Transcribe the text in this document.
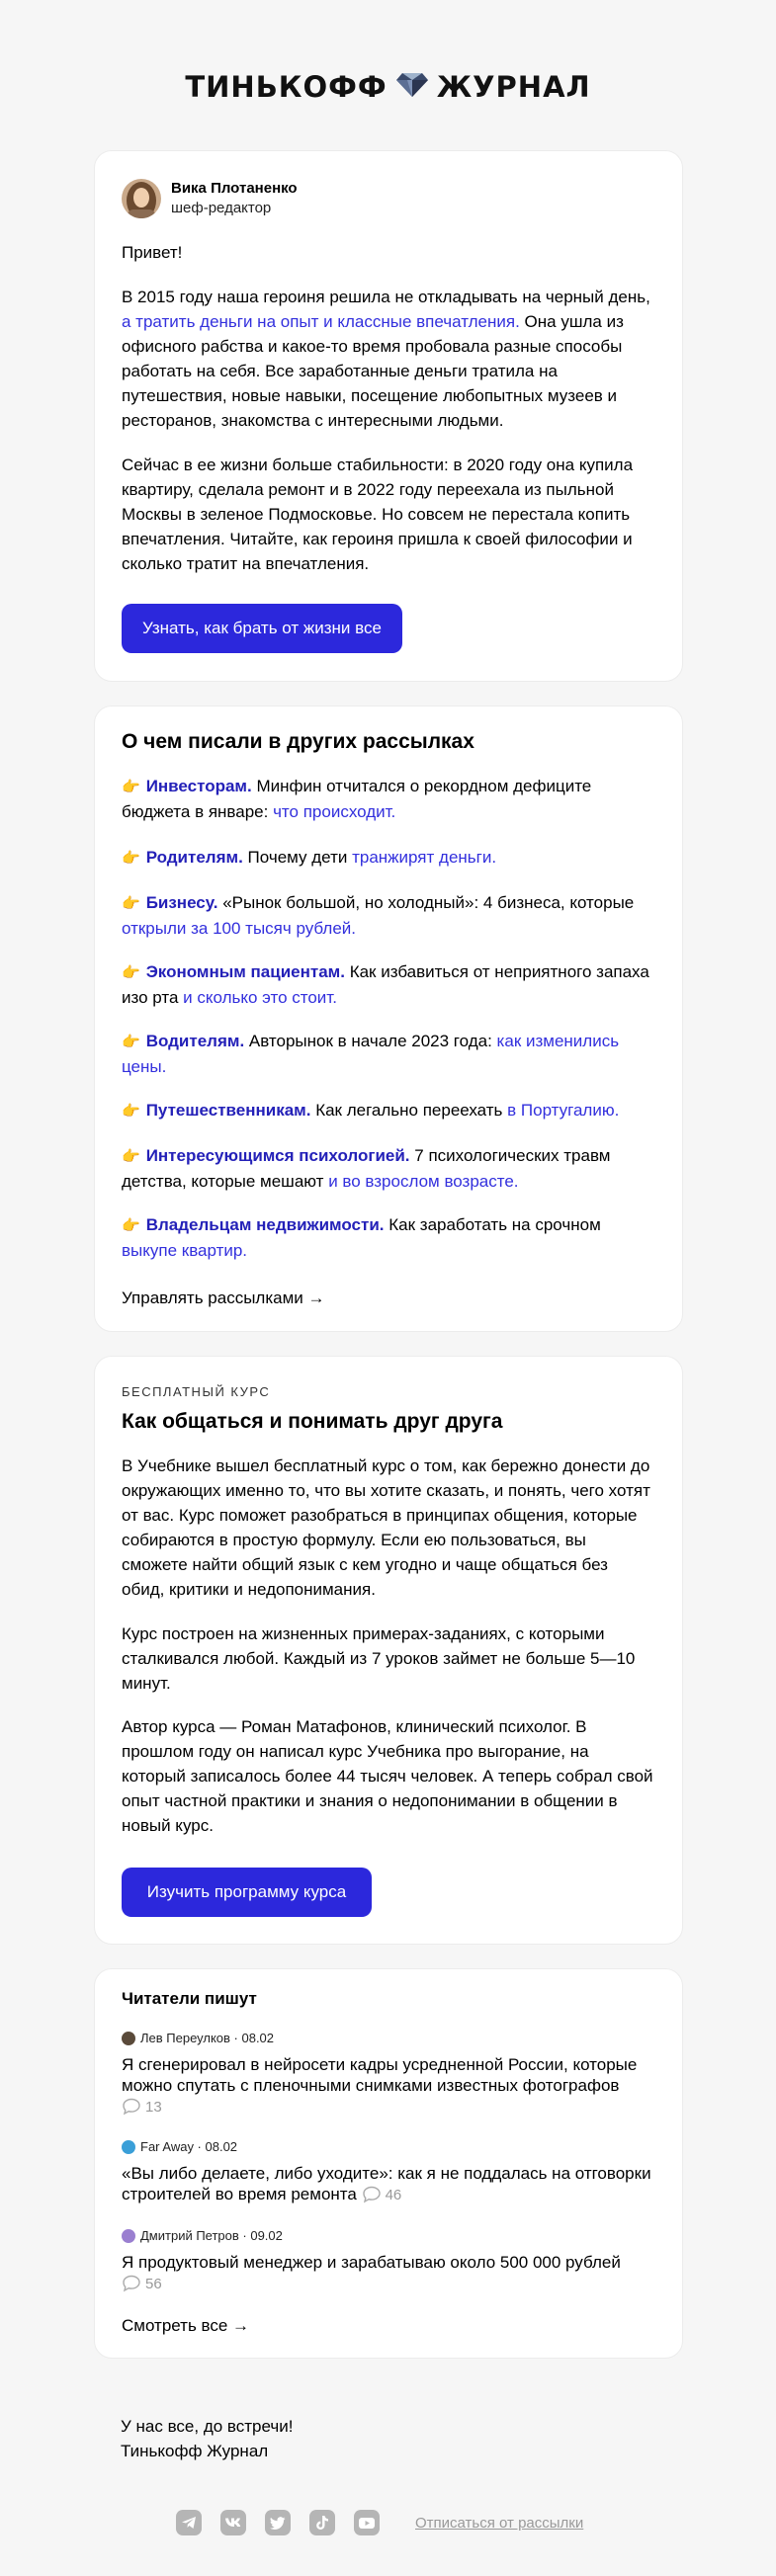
ТИНЬКОФФ ЖУРНАЛ
Вика Плотаненко
шеф-редактор

Привет!

В 2015 году наша героиня решила не откладывать на черный день, а тратить деньги на опыт и классные впечатления. Она ушла из офисного рабства и какое-то время пробовала разные способы работать на себя. Все заработанные деньги тратила на путешествия, новые навыки, посещение любопытных музеев и ресторанов, знакомства с интересными людьми.

Сейчас в ее жизни больше стабильности: в 2020 году она купила квартиру, сделала ремонт и в 2022 году переехала из пыльной Москвы в зеленое Подмосковье. Но совсем не перестала копить впечатления. Читайте, как героиня пришла к своей философии и сколько тратит на впечатления.

Узнать, как брать от жизни все
О чем писали в других рассылках
👉 Инвесторам. Минфин отчитался о рекордном дефиците бюджета в январе: что происходит.
👉 Родителям. Почему дети транжирят деньги.
👉 Бизнесу. «Рынок большой, но холодный»: 4 бизнеса, которые открыли за 100 тысяч рублей.
👉 Экономным пациентам. Как избавиться от неприятного запаха изо рта и сколько это стоит.
👉 Водителям. Авторынок в начале 2023 года: как изменились цены.
👉 Путешественникам. Как легально переехать в Португалию.
👉 Интересующимся психологией. 7 психологических травм детства, которые мешают и во взрослом возрасте.
👉 Владельцам недвижимости. Как заработать на срочном выкупе квартир.
Управлять рассылками →
БЕСПЛАТНЫЙ КУРС
Как общаться и понимать друг друга

В Учебнике вышел бесплатный курс о том, как бережно донести до окружающих именно то, что вы хотите сказать, и понять, чего хотят от вас. Курс поможет разобраться в принципах общения, которые собираются в простую формулу. Если ею пользоваться, вы сможете найти общий язык с кем угодно и чаще общаться без обид, критики и недопонимания.

Курс построен на жизненных примерах-заданиях, с которыми сталкивался любой. Каждый из 7 уроков займет не больше 5—10 минут.

Автор курса — Роман Матафонов, клинический психолог. В прошлом году он написал курс Учебника про выгорание, на который записалось более 44 тысяч человек. А теперь собрал свой опыт частной практики и знания о недопонимании в общении в новый курс.

Изучить программу курса
Читатели пишут
Лев Переулков · 08.02
Я сгенерировал в нейросети кадры усредненной России, которые можно спутать с пленочными снимками известных фотографов 13
Far Away · 08.02
«Вы либо делаете, либо уходите»: как я не поддалась на отговорки строителей во время ремонта 46
Дмитрий Петров · 09.02
Я продуктовый менеджер и зарабатываю около 500 000 рублей 56
Смотреть все →
У нас все, до встречи!
Тинькофф Журнал
Отписаться от рассылки
